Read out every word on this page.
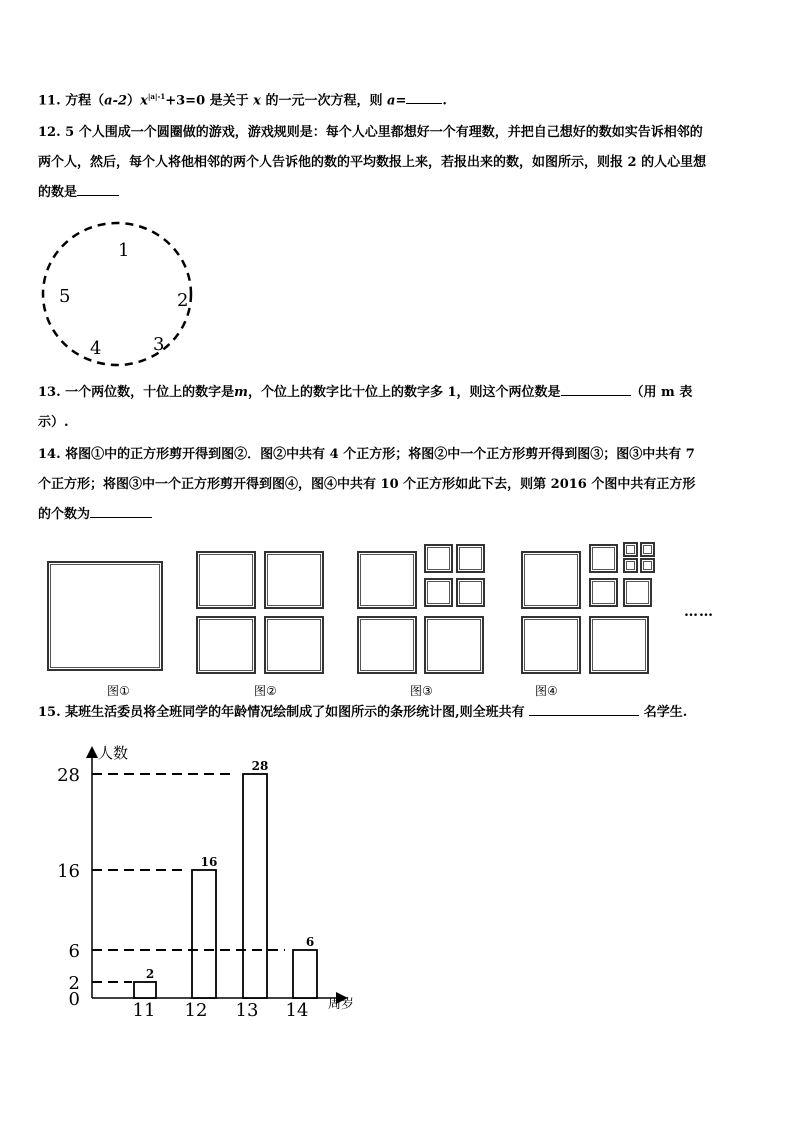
11. 方程$(a-2)x^{|a|-1}+3=0$ 是关于 x 的一元一次方程，则 a=	.
12. 5 个人围成一个圆圈做的游戏，游戏规则是：每个人心里都想好一个有理数，并把自己想好的数如实告诉相邻的
两个人，然后，每个人将他相邻的两个人告诉他的数的平均数报上来，若报出来的数，如图所示，则报 2 的人心里想
的数是
1
2
3
4
5
13. 一个两位数，十位上的数字是m，个位上的数字比十位上的数字多 1，则这个两位数是	（用 m 表
示）.
14. 将图①中的正方形剪开得到图②．图②中共有 4 个正方形；将图②中一个正方形剪开得到图③；图③中共有 7
个正方形；将图③中一个正方形剪开得到图④，图④中共有 10 个正方形如此下去，则第 2016 个图中共有正方形
的个数为
图①	图②	图③	图④
……
15. 某班生活委员将全班同学的年龄情况绘制成了如图所示的条形统计图,则全班共有	名学生.
人数
周岁
0
2
6
16
28
2
11
16
12
28
13
6
14
